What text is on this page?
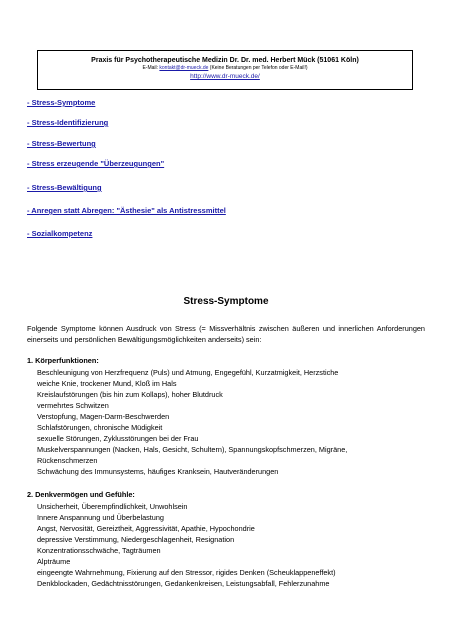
Praxis für Psychotherapeutische Medizin Dr. Dr. med. Herbert Mück (51061 Köln)
E-Mail: kontakt@dr-mueck.de (Keine Beratungen per Telefon oder E-Mail!)
http://www.dr-mueck.de/
- Stress-Symptome
- Stress-Identifizierung
- Stress-Bewertung
- Stress erzeugende "Überzeugungen"
- Stress-Bewältigung
- Anregen statt Abregen: "Ästhesie" als Antistressmittel
- Sozialkompetenz
Stress-Symptome
Folgende Symptome können Ausdruck von Stress (= Missverhältnis zwischen äußeren und innerlichen Anforderungen einerseits und persönlichen Bewältigungsmöglichkeiten anderseits) sein:
1. Körperfunktionen:
Beschleunigung von Herzfrequenz (Puls) und Atmung, Engegefühl, Kurzatmigkeit, Herzstiche
weiche Knie, trockener Mund, Kloß im Hals
Kreislaufstörungen (bis hin zum Kollaps), hoher Blutdruck
vermehrtes Schwitzen
Verstopfung, Magen-Darm-Beschwerden
Schlafstörungen, chronische Müdigkeit
sexuelle Störungen, Zyklusstörungen bei der Frau
Muskelverspannungen (Nacken, Hals, Gesicht, Schultern), Spannungskopfschmerzen, Migräne,
Rückenschmerzen
Schwächung des Immunsystems, häufiges Kranksein, Hautveränderungen
2. Denkvermögen und Gefühle:
Unsicherheit, Überempfindlichkeit, Unwohlsein
Innere Anspannung und Überbelastung
Angst, Nervosität, Gereiztheit, Aggressivität, Apathie, Hypochondrie
depressive Verstimmung, Niedergeschlagenheit, Resignation
Konzentrationsschwäche, Tagträumen
Alpträume
eingeengte Wahrnehmung, Fixierung auf den Stressor, rigides Denken (Scheuklappeneffekt)
Denkblockaden, Gedächtnisstörungen, Gedankenkreisen, Leistungsabfall, Fehlerzunahme
